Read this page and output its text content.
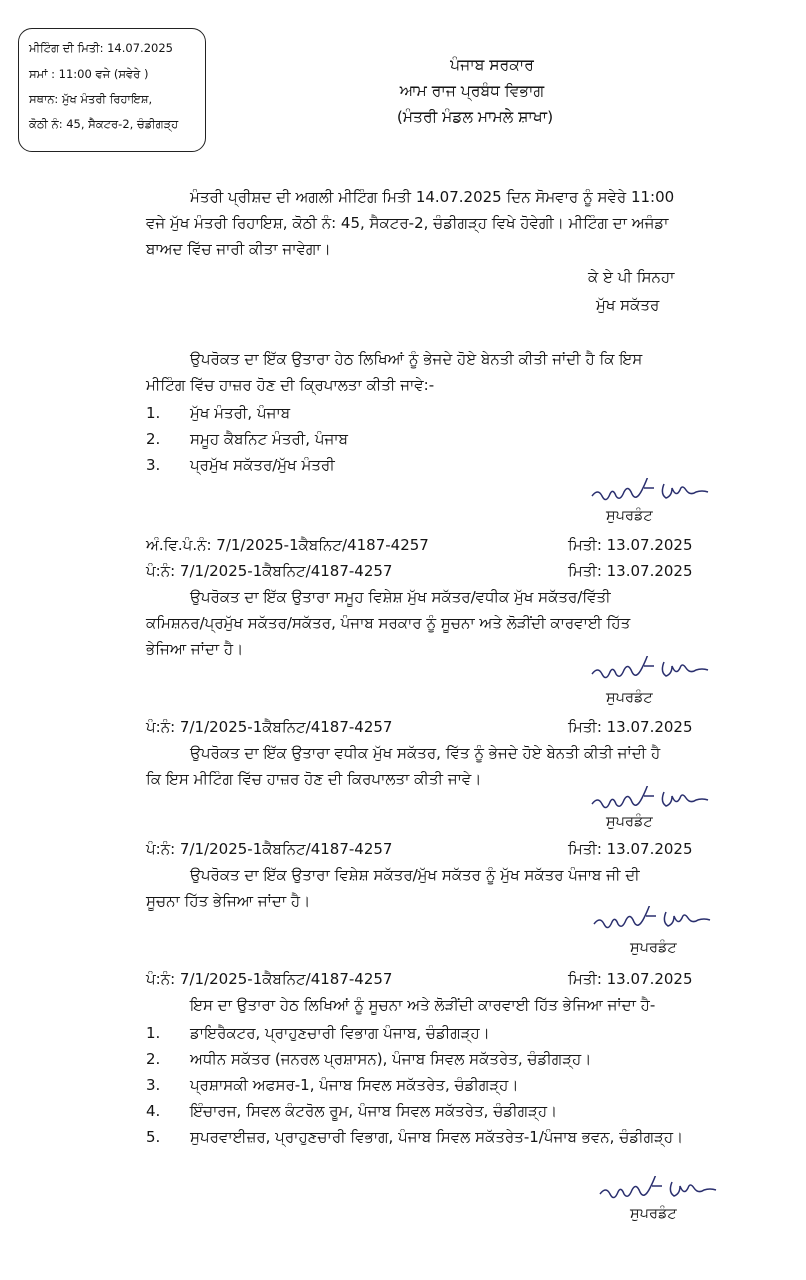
ਮੀਟਿੰਗ ਦੀ ਮਿਤੀ: 14.07.2025
ਸਮਾਂ : 11:00 ਵਜੇ (ਸਵੇਰੇ )
ਸਥਾਨ: ਮੁੱਖ ਮੰਤਰੀ ਰਿਹਾਇਸ਼,
ਕੋਠੀ ਨੰ: 45, ਸੈਕਟਰ-2, ਚੰਡੀਗੜ੍ਹ
ਪੰਜਾਬ ਸਰਕਾਰ
ਆਮ ਰਾਜ ਪ੍ਰਬੰਧ ਵਿਭਾਗ
(ਮੰਤਰੀ ਮੰਡਲ ਮਾਮਲੇ ਸ਼ਾਖਾ)
ਮੰਤਰੀ ਪ੍ਰੀਸ਼ਦ ਦੀ ਅਗਲੀ ਮੀਟਿੰਗ ਮਿਤੀ 14.07.2025 ਦਿਨ ਸੋਮਵਾਰ ਨੂੰ ਸਵੇਰੇ 11:00
ਵਜੇ ਮੁੱਖ ਮੰਤਰੀ ਰਿਹਾਇਸ਼, ਕੋਠੀ ਨੰ: 45, ਸੈਕਟਰ-2, ਚੰਡੀਗੜ੍ਹ ਵਿਖੇ ਹੋਵੇਗੀ। ਮੀਟਿੰਗ ਦਾ ਅਜੰਡਾ
ਬਾਅਦ ਵਿੱਚ ਜਾਰੀ ਕੀਤਾ ਜਾਵੇਗਾ।
ਕੇ ਏ ਪੀ ਸਿਨਹਾ
ਮੁੱਖ ਸਕੱਤਰ
ਉਪਰੋਕਤ ਦਾ ਇੱਕ ਉਤਾਰਾ ਹੇਠ ਲਿਖਿਆਂ ਨੂੰ ਭੇਜਦੇ ਹੋਏ ਬੇਨਤੀ ਕੀਤੀ ਜਾਂਦੀ ਹੈ ਕਿ ਇਸ
ਮੀਟਿੰਗ ਵਿੱਚ ਹਾਜ਼ਰ ਹੋਣ ਦੀ ਕ੍ਰਿਪਾਲਤਾ ਕੀਤੀ ਜਾਵੇ:-
1. ਮੁੱਖ ਮੰਤਰੀ, ਪੰਜਾਬ
2. ਸਮੂਹ ਕੈਬਨਿਟ ਮੰਤਰੀ, ਪੰਜਾਬ
3. ਪ੍ਰਮੁੱਖ ਸਕੱਤਰ/ਮੁੱਖ ਮੰਤਰੀ
ਸੁਪਰਡੰਟ
ਅੰ.ਵਿ.ਪੰ.ਨੰ: 7/1/2025-1ਕੈਬਨਿਟ/4187-4257	ਮਿਤੀ: 13.07.2025
ਪੰ:ਨੰ: 7/1/2025-1ਕੈਬਨਿਟ/4187-4257	ਮਿਤੀ: 13.07.2025
ਉਪਰੋਕਤ ਦਾ ਇੱਕ ਉਤਾਰਾ ਸਮੂਹ ਵਿਸ਼ੇਸ਼ ਮੁੱਖ ਸਕੱਤਰ/ਵਧੀਕ ਮੁੱਖ ਸਕੱਤਰ/ਵਿੱਤੀ
ਕਮਿਸ਼ਨਰ/ਪ੍ਰਮੁੱਖ ਸਕੱਤਰ/ਸਕੱਤਰ, ਪੰਜਾਬ ਸਰਕਾਰ ਨੂੰ ਸੂਚਨਾ ਅਤੇ ਲੋੜੀਂਦੀ ਕਾਰਵਾਈ ਹਿੱਤ
ਭੇਜਿਆ ਜਾਂਦਾ ਹੈ।
ਸੁਪਰਡੰਟ
ਪੰ:ਨੰ: 7/1/2025-1ਕੈਬਨਿਟ/4187-4257	ਮਿਤੀ: 13.07.2025
ਉਪਰੋਕਤ ਦਾ ਇੱਕ ਉਤਾਰਾ ਵਧੀਕ ਮੁੱਖ ਸਕੱਤਰ, ਵਿੱਤ ਨੂੰ ਭੇਜਦੇ ਹੋਏ ਬੇਨਤੀ ਕੀਤੀ ਜਾਂਦੀ ਹੈ
ਕਿ ਇਸ ਮੀਟਿੰਗ ਵਿੱਚ ਹਾਜ਼ਰ ਹੋਣ ਦੀ ਕਿਰਪਾਲਤਾ ਕੀਤੀ ਜਾਵੇ।
ਸੁਪਰਡੰਟ
ਪੰ:ਨੰ: 7/1/2025-1ਕੈਬਨਿਟ/4187-4257	ਮਿਤੀ: 13.07.2025
ਉਪਰੋਕਤ ਦਾ ਇੱਕ ਉਤਾਰਾ ਵਿਸ਼ੇਸ਼ ਸਕੱਤਰ/ਮੁੱਖ ਸਕੱਤਰ ਨੂੰ ਮੁੱਖ ਸਕੱਤਰ ਪੰਜਾਬ ਜੀ ਦੀ
ਸੂਚਨਾ ਹਿੱਤ ਭੇਜਿਆ ਜਾਂਦਾ ਹੈ।
ਸੁਪਰਡੰਟ
ਪੰ:ਨੰ: 7/1/2025-1ਕੈਬਨਿਟ/4187-4257	ਮਿਤੀ: 13.07.2025
ਇਸ ਦਾ ਉਤਾਰਾ ਹੇਠ ਲਿਖਿਆਂ ਨੂੰ ਸੂਚਨਾ ਅਤੇ ਲੋੜੀਂਦੀ ਕਾਰਵਾਈ ਹਿੱਤ ਭੇਜਿਆ ਜਾਂਦਾ ਹੈ-
1. ਡਾਇਰੈਕਟਰ, ਪ੍ਰਾਹੁਣਚਾਰੀ ਵਿਭਾਗ ਪੰਜਾਬ, ਚੰਡੀਗੜ੍ਹ।
2. ਅਧੀਨ ਸਕੱਤਰ (ਜਨਰਲ ਪ੍ਰਸ਼ਾਸਨ), ਪੰਜਾਬ ਸਿਵਲ ਸਕੱਤਰੇਤ, ਚੰਡੀਗੜ੍ਹ।
3. ਪ੍ਰਸ਼ਾਸਕੀ ਅਫਸਰ-1, ਪੰਜਾਬ ਸਿਵਲ ਸਕੱਤਰੇਤ, ਚੰਡੀਗੜ੍ਹ।
4. ਇੰਚਾਰਜ, ਸਿਵਲ ਕੰਟਰੋਲ ਰੂਮ, ਪੰਜਾਬ ਸਿਵਲ ਸਕੱਤਰੇਤ, ਚੰਡੀਗੜ੍ਹ।
5. ਸੁਪਰਵਾਈਜ਼ਰ, ਪ੍ਰਾਹੁਣਚਾਰੀ ਵਿਭਾਗ, ਪੰਜਾਬ ਸਿਵਲ ਸਕੱਤਰੇਤ-1/ਪੰਜਾਬ ਭਵਨ, ਚੰਡੀਗੜ੍ਹ।
ਸੁਪਰਡੰਟ
